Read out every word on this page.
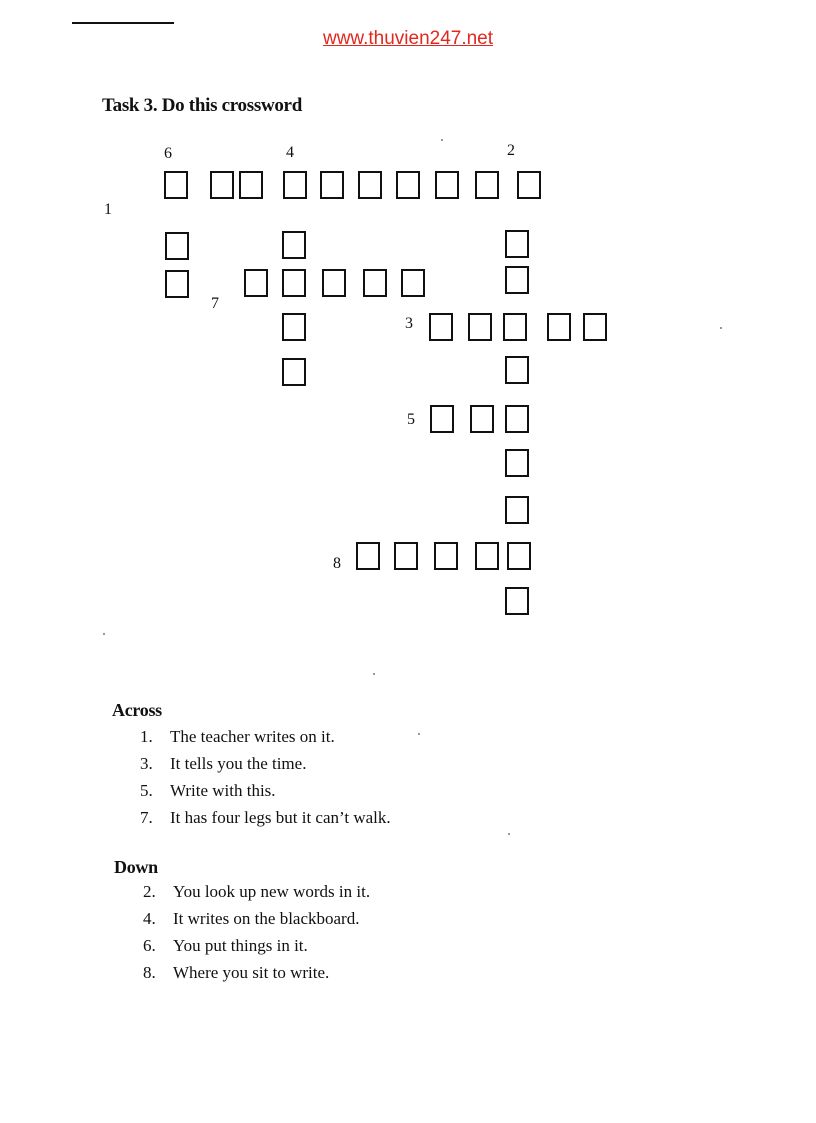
www.thuvien247.net
Task 3. Do this crossword
6	4	2
1
7
3
5
8
Across
1. The teacher writes on it.
3. It tells you the time.
5. Write with this.
7. It has four legs but it can’t walk.
Down
2. You look up new words in it.
4. It writes on the blackboard.
6. You put things in it.
8. Where you sit to write.
